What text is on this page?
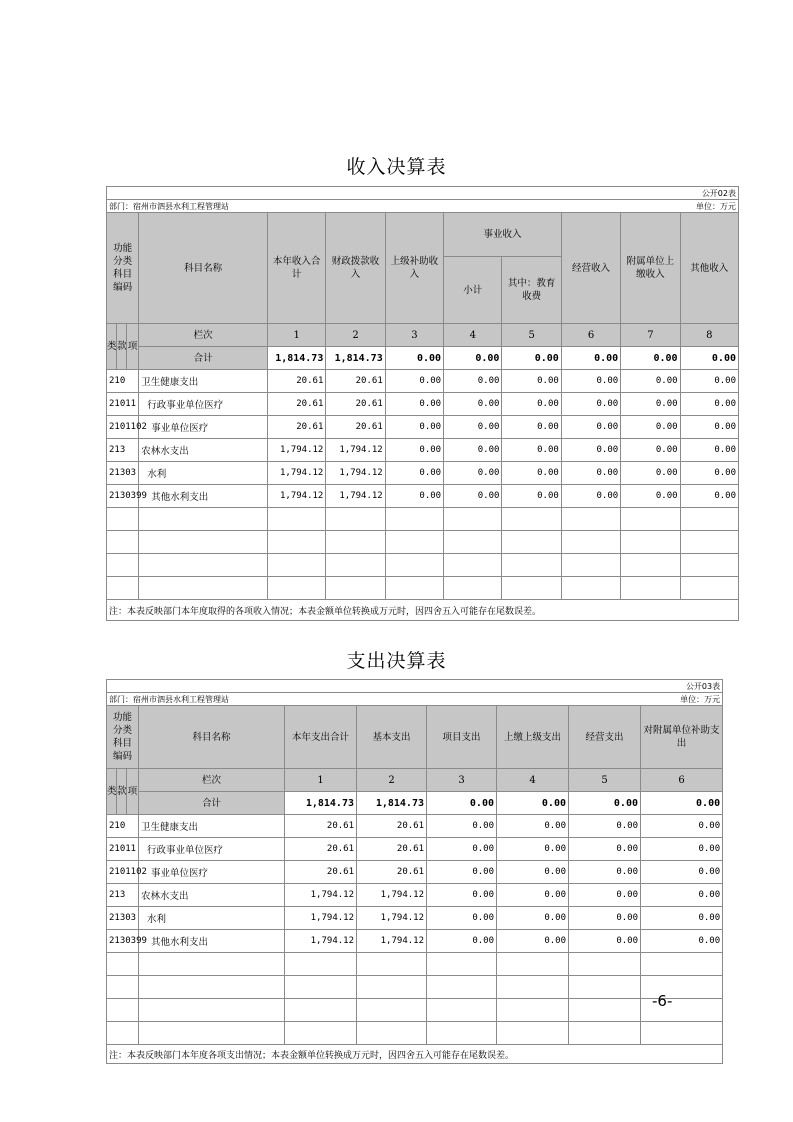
收入决算表
公开02表											
部门：宿州市泗县水利工程管理站									单位：万元		
功能分类科目编码			科目名称	本年收入合计	财政拨款收入	上级补助收入	事业收入		经营收入	附属单位上缴收入	其他收入
							小计	其中：教育收费			
类	款	项	栏次	1	2	3	4	5	6	7	8
			合计	1,814.73	1,814.73	0.00	0.00	0.00	0.00	0.00	0.00
210			卫生健康支出	20.61	20.61	0.00	0.00	0.00	0.00	0.00	0.00
21011			行政事业单位医疗	20.61	20.61	0.00	0.00	0.00	0.00	0.00	0.00
2101102			事业单位医疗	20.61	20.61	0.00	0.00	0.00	0.00	0.00	0.00
213			农林水支出	1,794.12	1,794.12	0.00	0.00	0.00	0.00	0.00	0.00
21303			水利	1,794.12	1,794.12	0.00	0.00	0.00	0.00	0.00	0.00
2130399			其他水利支出	1,794.12	1,794.12	0.00	0.00	0.00	0.00	0.00	0.00

注：本表反映部门本年度取得的各项收入情况；本表金额单位转换成万元时，因四舍五入可能存在尾数误差。											
支出决算表
公开03表									
部门：宿州市泗县水利工程管理站							单位：万元		
功能分类科目编码			科目名称	本年支出合计	基本支出	项目支出	上缴上级支出	经营支出	对附属单位补助支出
类	款	项	栏次	1	2	3	4	5	6
			合计	1,814.73	1,814.73	0.00	0.00	0.00	0.00
210			卫生健康支出	20.61	20.61	0.00	0.00	0.00	0.00
21011			行政事业单位医疗	20.61	20.61	0.00	0.00	0.00	0.00
2101102			事业单位医疗	20.61	20.61	0.00	0.00	0.00	0.00
213			农林水支出	1,794.12	1,794.12	0.00	0.00	0.00	0.00
21303			水利	1,794.12	1,794.12	0.00	0.00	0.00	0.00
2130399			其他水利支出	1,794.12	1,794.12	0.00	0.00	0.00	0.00

注：本表反映部门本年度各项支出情况；本表金额单位转换成万元时，因四舍五入可能存在尾数误差。									
-6-
